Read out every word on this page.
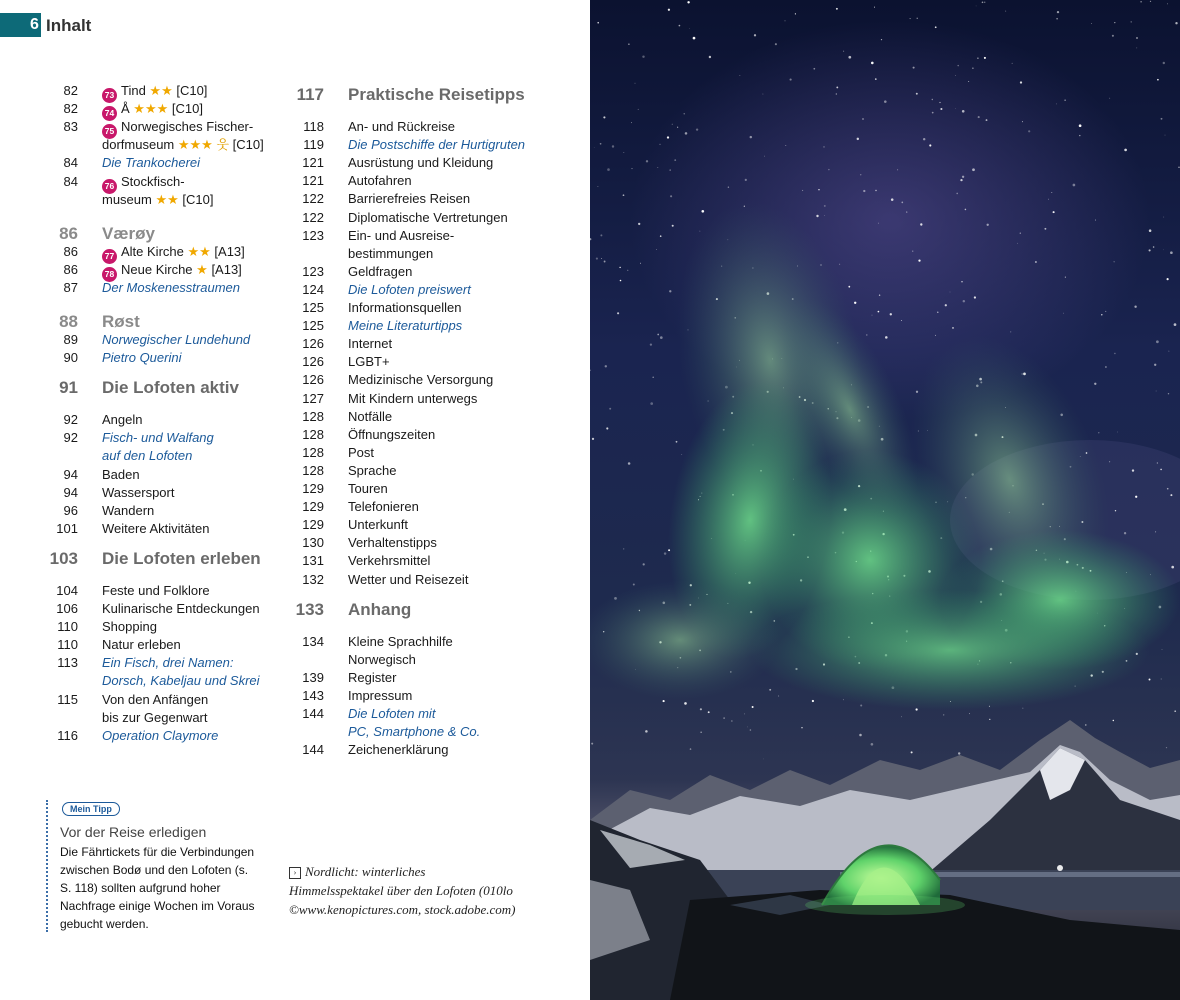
6 Inhalt
82	73 Tind ★★ [C10]
82	74 Å ★★★ [C10]
83	75 Norwegisches Fischer-
dorfmuseum ★★★ 웃 [C10]
84 Die Trankocherei
84	76 Stockfisch-
museum ★★ [C10]
86 Værøy
86	77 Alte Kirche ★★ [A13]
86	78 Neue Kirche ★ [A13]
87 Der Moskenesstraumen
88 Røst
89 Norwegischer Lundehund
90 Pietro Querini
91 Die Lofoten aktiv
92 Angeln
92 Fisch- und Walfang
auf den Lofoten
94 Baden
94 Wassersport
96 Wandern
101 Weitere Aktivitäten
103 Die Lofoten erleben
104 Feste und Folklore
106 Kulinarische Entdeckungen
110 Shopping
110 Natur erleben
113 Ein Fisch, drei Namen:
Dorsch, Kabeljau und Skrei
115 Von den Anfängen
bis zur Gegenwart
116 Operation Claymore
117 Praktische Reisetipps
118 An- und Rückreise
119 Die Postschiffe der Hurtigruten
121 Ausrüstung und Kleidung
121 Autofahren
122 Barrierefreies Reisen
122 Diplomatische Vertretungen
123 Ein- und Ausreise-
bestimmungen
123 Geldfragen
124 Die Lofoten preiswert
125 Informationsquellen
125 Meine Literaturtipps
126 Internet
126 LGBT+
126 Medizinische Versorgung
127 Mit Kindern unterwegs
128 Notfälle
128 Öffnungszeiten
128 Post
128 Sprache
129 Touren
129 Telefonieren
129 Unterkunft
130 Verhaltenstipps
131 Verkehrsmittel
132 Wetter und Reisezeit
133 Anhang
134 Kleine Sprachhilfe
Norwegisch
139 Register
143 Impressum
144 Die Lofoten mit
PC, Smartphone & Co.
144 Zeichenerklärung
Mein Tipp
Vor der Reise erledigen
Die Fährtickets für die Verbindungen zwischen Bodø und den Lofoten (s. S. 118) sollten aufgrund hoher Nachfrage einige Wochen im Voraus gebucht werden.
› Nordlicht: winterliches Himmelsspektakel über den Lofoten (010lo ©www.kenopictures.com, stock.adobe.com)
